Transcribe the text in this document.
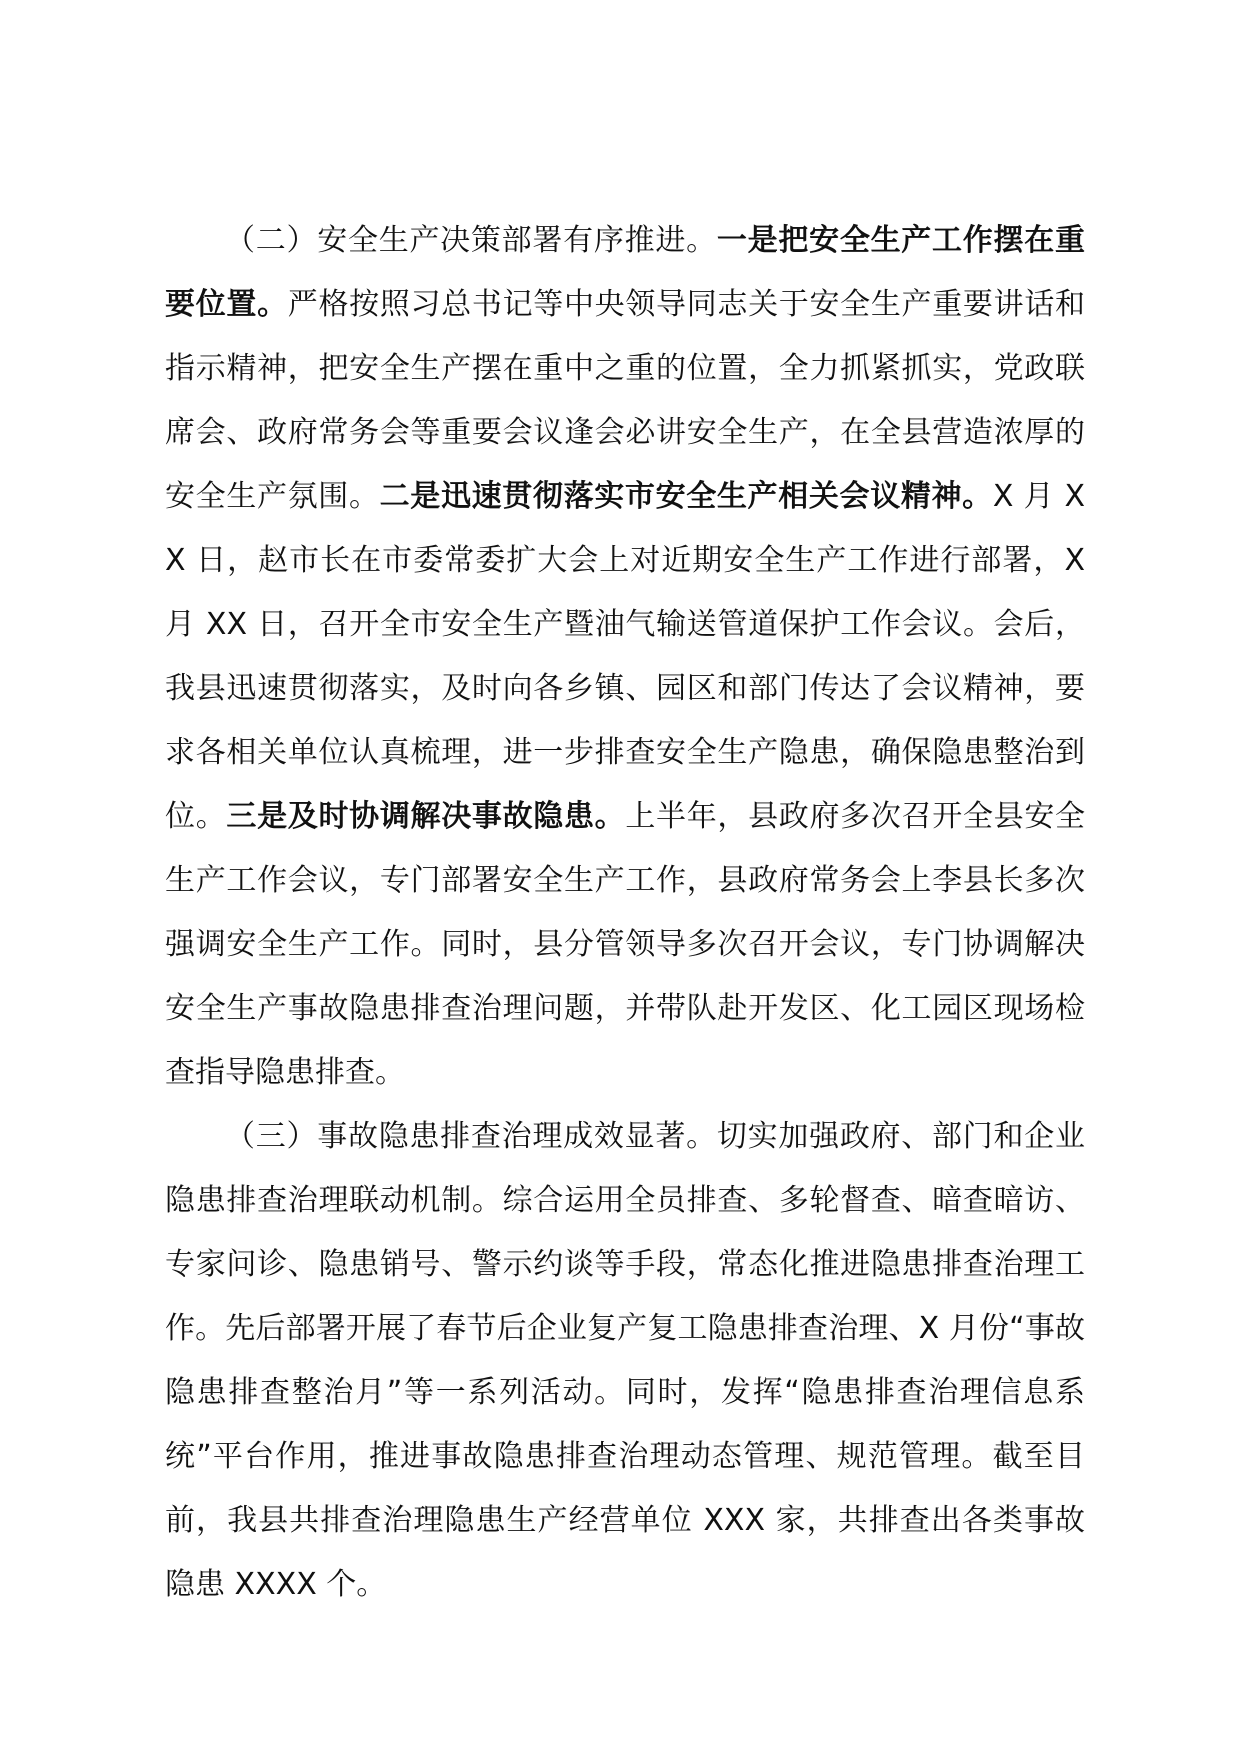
（二）安全生产决策部署有序推进。一是把安全生产工作摆在重要位置。严格按照习总书记等中央领导同志关于安全生产重要讲话和指示精神，把安全生产摆在重中之重的位置，全力抓紧抓实，党政联席会、政府常务会等重要会议逢会必讲安全生产，在全县营造浓厚的安全生产氛围。二是迅速贯彻落实市安全生产相关会议精神。X 月 XX 日，赵市长在市委常委扩大会上对近期安全生产工作进行部署，X 月 XX 日，召开全市安全生产暨油气输送管道保护工作会议。会后，我县迅速贯彻落实，及时向各乡镇、园区和部门传达了会议精神，要求各相关单位认真梳理，进一步排查安全生产隐患，确保隐患整治到位。三是及时协调解决事故隐患。上半年，县政府多次召开全县安全生产工作会议，专门部署安全生产工作，县政府常务会上李县长多次强调安全生产工作。同时，县分管领导多次召开会议，专门协调解决安全生产事故隐患排查治理问题，并带队赴开发区、化工园区现场检查指导隐患排查。

（三）事故隐患排查治理成效显著。切实加强政府、部门和企业隐患排查治理联动机制。综合运用全员排查、多轮督查、暗查暗访、专家问诊、隐患销号、警示约谈等手段，常态化推进隐患排查治理工作。先后部署开展了春节后企业复产复工隐患排查治理、X 月份“事故隐患排查整治月”等一系列活动。同时，发挥“隐患排查治理信息系统”平台作用，推进事故隐患排查治理动态管理、规范管理。截至目前，我县共排查治理隐患生产经营单位 XXX 家，共排查出各类事故隐患 XXXX 个。
